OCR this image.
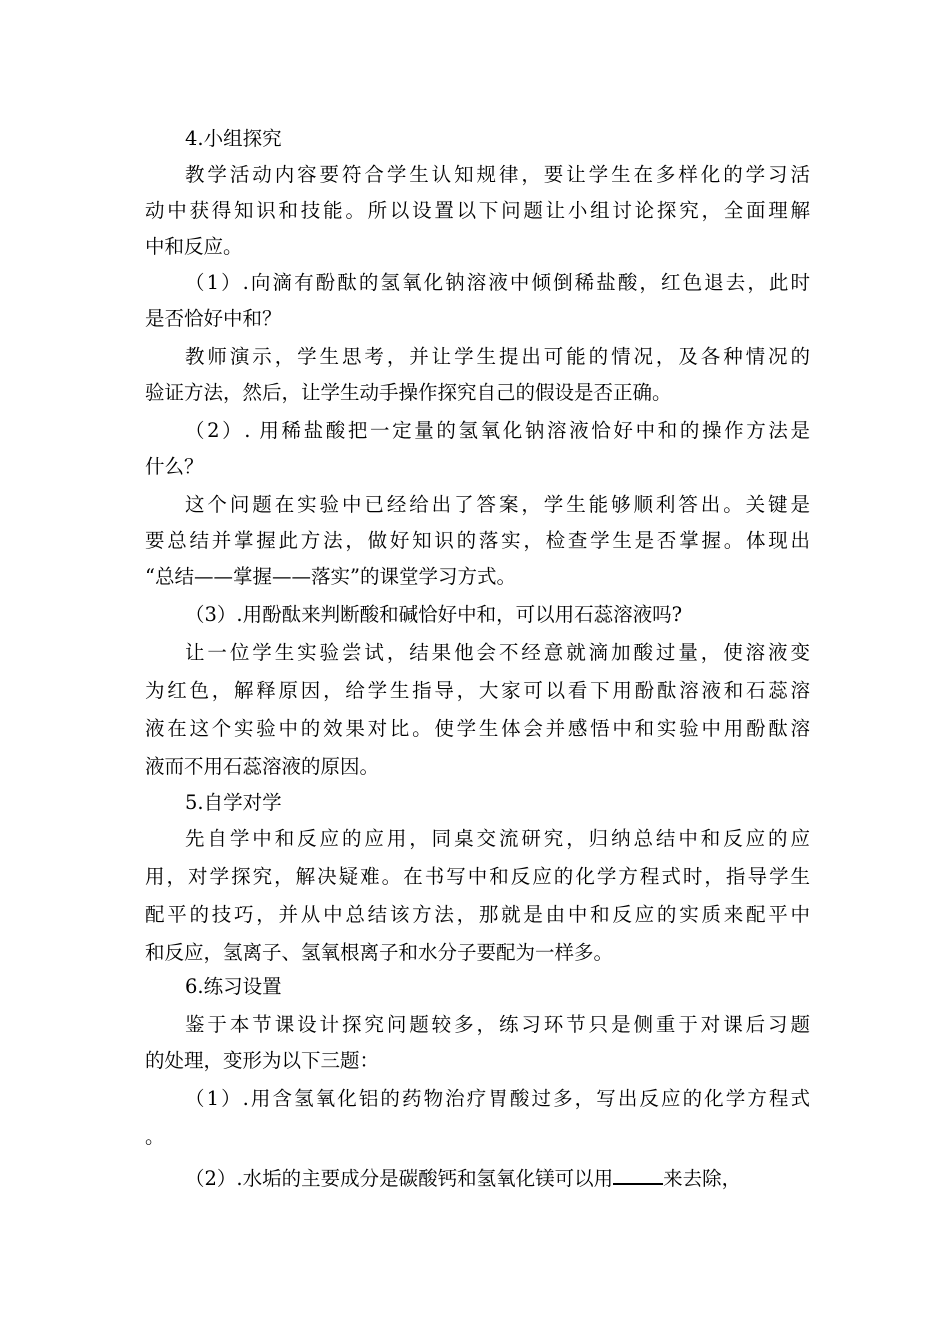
4.小组探究
教学活动内容要符合学生认知规律，要让学生在多样化的学习活
动中获得知识和技能。所以设置以下问题让小组讨论探究，全面理解
中和反应。
（1）.向滴有酚酞的氢氧化钠溶液中倾倒稀盐酸，红色退去，此时
是否恰好中和？
教师演示，学生思考，并让学生提出可能的情况，及各种情况的
验证方法，然后，让学生动手操作探究自己的假设是否正确。
（2）. 用稀盐酸把一定量的氢氧化钠溶液恰好中和的操作方法是
什么？
这个问题在实验中已经给出了答案，学生能够顺利答出。关键是
要总结并掌握此方法，做好知识的落实，检查学生是否掌握。体现出
“总结——掌握——落实”的课堂学习方式。
（3）.用酚酞来判断酸和碱恰好中和，可以用石蕊溶液吗?
让一位学生实验尝试，结果他会不经意就滴加酸过量，使溶液变
为红色，解释原因，给学生指导，大家可以看下用酚酞溶液和石蕊溶
液在这个实验中的效果对比。使学生体会并感悟中和实验中用酚酞溶
液而不用石蕊溶液的原因。
5.自学对学
先自学中和反应的应用，同桌交流研究，归纳总结中和反应的应
用，对学探究，解决疑难。在书写中和反应的化学方程式时，指导学生
配平的技巧，并从中总结该方法，那就是由中和反应的实质来配平中
和反应，氢离子、氢氧根离子和水分子要配为一样多。
6.练习设置
鉴于本节课设计探究问题较多，练习环节只是侧重于对课后习题
的处理，变形为以下三题：
（1）.用含氢氧化铝的药物治疗胃酸过多，写出反应的化学方程式
。
（2）.水垢的主要成分是碳酸钙和氢氧化镁可以用	来去除，
